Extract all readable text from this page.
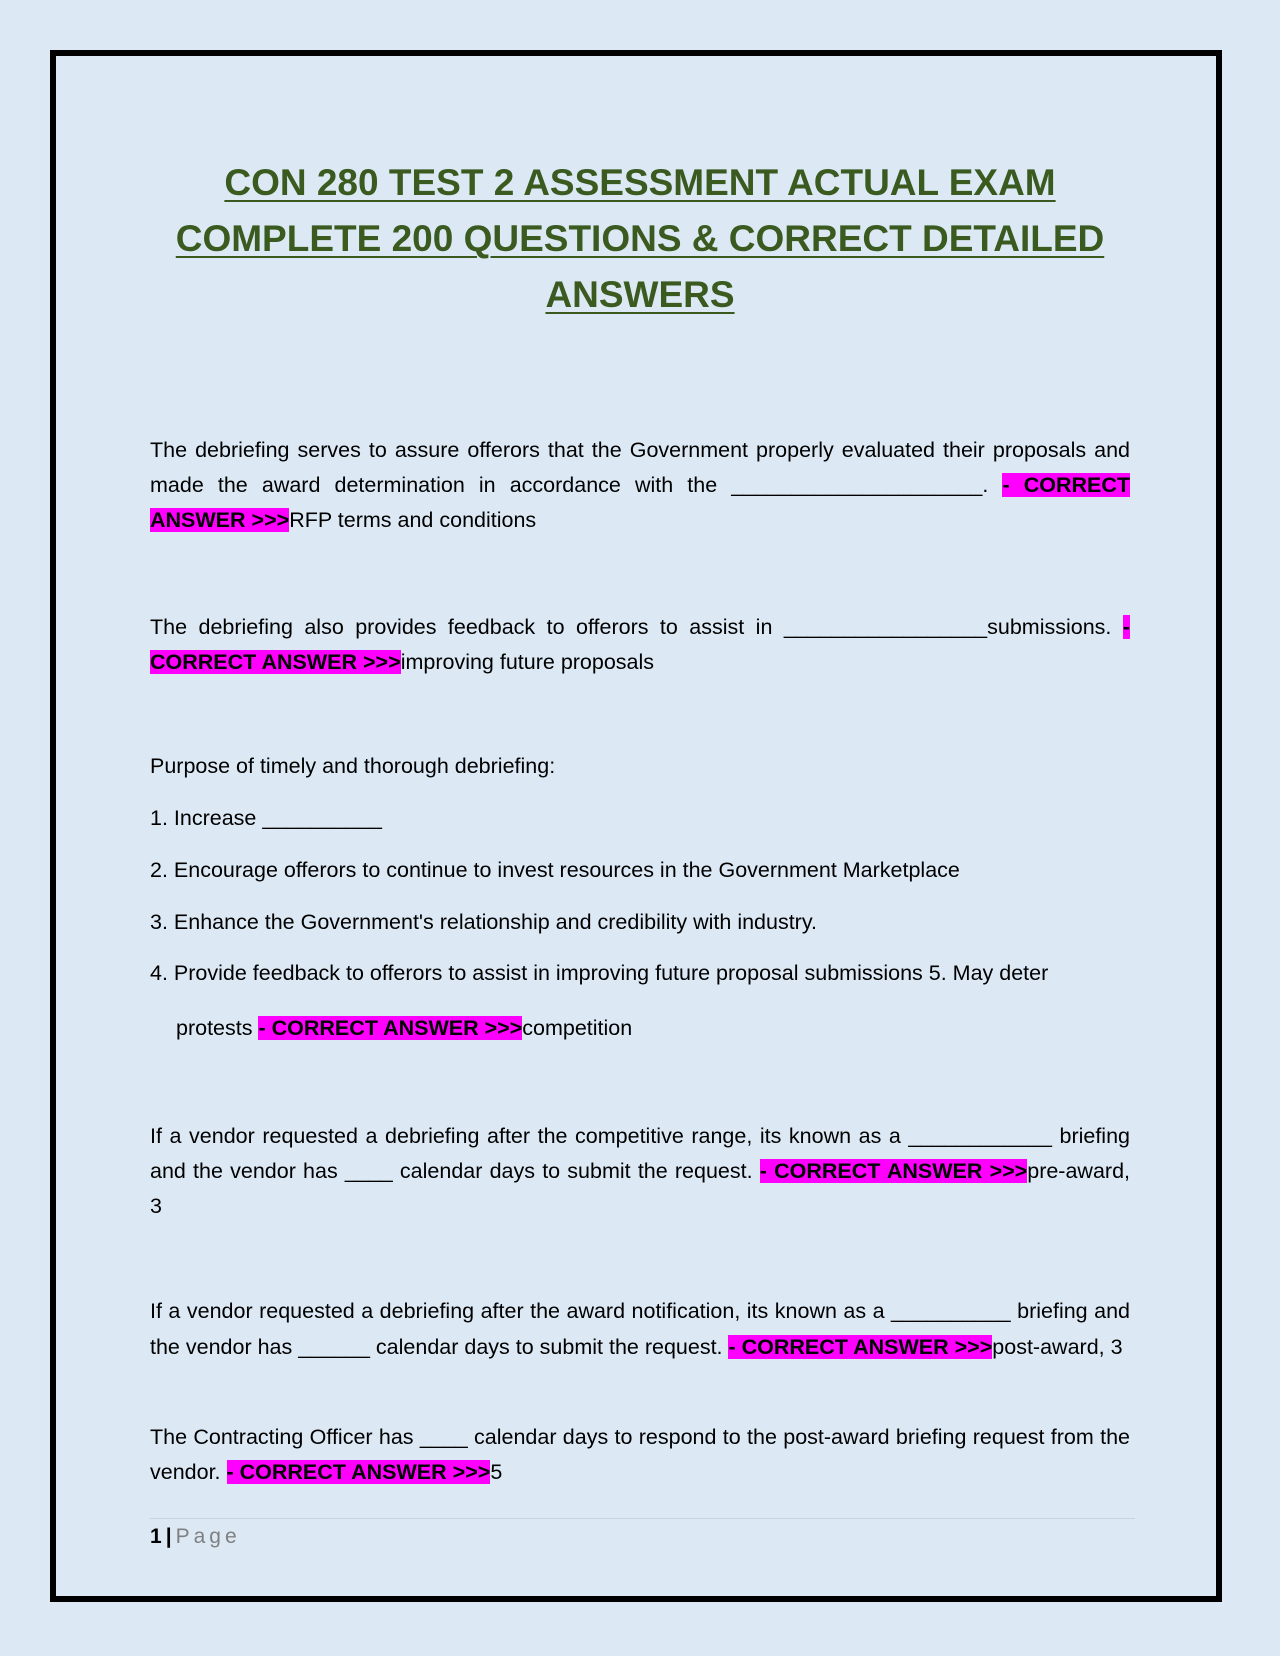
CON 280 TEST 2 ASSESSMENT ACTUAL EXAM
COMPLETE 200 QUESTIONS & CORRECT DETAILED
ANSWERS
The debriefing serves to assure offerors that the Government properly evaluated their proposals and made the award determination in accordance with the _____________________. - CORRECT ANSWER >>>RFP terms and conditions
The debriefing also provides feedback to offerors to assist in _________________submissions. - CORRECT ANSWER >>>improving future proposals
Purpose of timely and thorough debriefing:
1. Increase __________
2. Encourage offerors to continue to invest resources in the Government Marketplace
3. Enhance the Government's relationship and credibility with industry.
4. Provide feedback to offerors to assist in improving future proposal submissions 5. May deter
protests - CORRECT ANSWER >>>competition
If a vendor requested a debriefing after the competitive range, its known as a ____________ briefing and the vendor has ____ calendar days to submit the request. - CORRECT ANSWER >>>pre-award, 3
If a vendor requested a debriefing after the award notification, its known as a __________ briefing and the vendor has ______ calendar days to submit the request. - CORRECT ANSWER >>>post-award, 3
The Contracting Officer has ____ calendar days to respond to the post-award briefing request from the vendor. - CORRECT ANSWER >>>5
1 | Page
